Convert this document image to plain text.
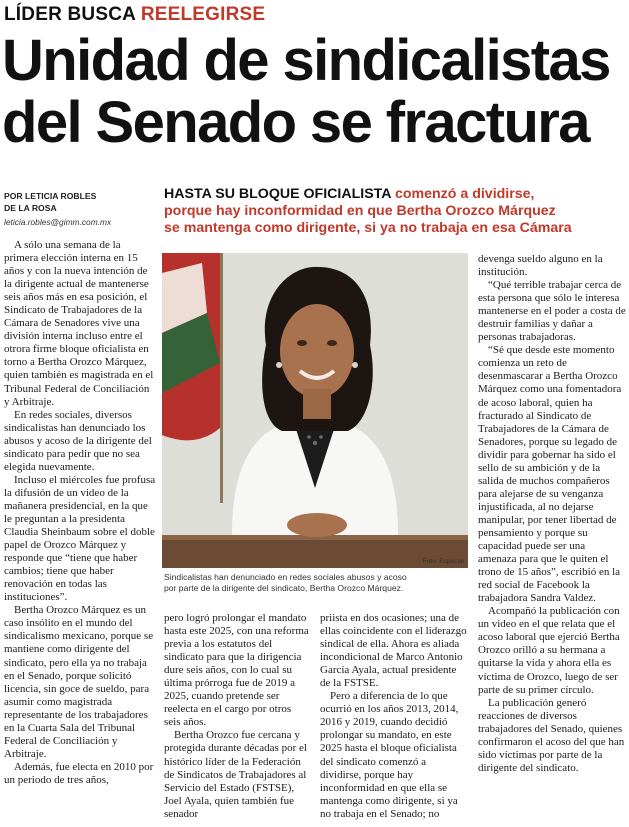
LÍDER BUSCA REELEGIRSE
Unidad de sindicalistas
del Senado se fractura
POR LETICIA ROBLES
DE LA ROSA
leticia.robles@gimm.com.mx
HASTA SU BLOQUE OFICIALISTA comenzó a dividirse,
porque hay inconformidad en que Bertha Orozco Márquez
se mantenga como dirigente, si ya no trabaja en esa Cámara

A sólo una semana de la primera elección interna en 15 años y con la nueva intención de la dirigente actual de mantenerse seis años más en esa posición, el Sindicato de Trabajadores de la Cámara de Senadores vive una división interna incluso entre el otrora firme bloque oficialista en torno a Bertha Orozco Márquez, quien también es magistrada en el Tribunal Federal de Conciliación y Arbitraje.

En redes sociales, diversos sindicalistas han denunciado los abusos y acoso de la dirigente del sindicato para pedir que no sea elegida nuevamente.

Incluso el miércoles fue profusa la difusión de un video de la mañanera presidencial, en la que le preguntan a la presidenta Claudia Sheinbaum sobre el doble papel de Orozco Márquez y responde que “tiene que haber cambios; tiene que haber renovación en todas las instituciones”.

Bertha Orozco Márquez es un caso insólito en el mundo del sindicalismo mexicano, porque se mantiene como dirigente del sindicato, pero ella ya no trabaja en el Senado, porque solicitó licencia, sin goce de sueldo, para asumir como magistrada representante de los trabajadores en la Cuarta Sala del Tribunal Federal de Conciliación y Arbitraje.

Además, fue electa en 2010 por un periodo de tres años,

Foto: Especial
Sindicalistas han denunciado en redes sociales abusos y acoso
por parte de la dirigente del sindicato, Bertha Orozco Márquez.

pero logró prolongar el mandato hasta este 2025, con una reforma previa a los estatutos del sindicato para que la dirigencia dure seis años, con lo cual su última prórroga fue de 2019 a 2025, cuando pretende ser reelecta en el cargo por otros seis años.

Bertha Orozco fue cercana y protegida durante décadas por el histórico líder de la Federación de Sindicatos de Trabajadores al Servicio del Estado (FSTSE), Joel Ayala, quien también fue senador

priista en dos ocasiones; una de ellas coincidente con el liderazgo sindical de ella. Ahora es aliada incondicional de Marco Antonio García Ayala, actual presidente de la FSTSE.

Pero a diferencia de lo que ocurrió en los años 2013, 2014, 2016 y 2019, cuando decidió prolongar su mandato, en este 2025 hasta el bloque oficialista del sindicato comenzó a dividirse, porque hay inconformidad en que ella se mantenga como dirigente, si ya no trabaja en el Senado; no

devenga sueldo alguno en la institución.

“Qué terrible trabajar cerca de esta persona que sólo le interesa mantenerse en el poder a costa de destruir familias y dañar a personas trabajadoras.

“Sé que desde este momento comienza un reto de desenmascarar a Bertha Orozco Márquez como una fomentadora de acoso laboral, quien ha fracturado al Sindicato de Trabajadores de la Cámara de Senadores, porque su legado de dividir para gobernar ha sido el sello de su ambición y de la salida de muchos compañeros para alejarse de su venganza injustificada, al no dejarse manipular, por tener libertad de pensamiento y porque su capacidad puede ser una amenaza para que le quiten el trono de 15 años”, escribió en la red social de Facebook la trabajadora Sandra Valdez.

Acompañó la publicación con un video en el que relata que el acoso laboral que ejerció Bertha Orozco orilló a su hermana a quitarse la vida y ahora ella es víctima de Orozco, luego de ser parte de su primer círculo.

La publicación generó reacciones de diversos trabajadores del Senado, quienes confirmaron el acoso del que han sido víctimas por parte de la dirigente del sindicato.
